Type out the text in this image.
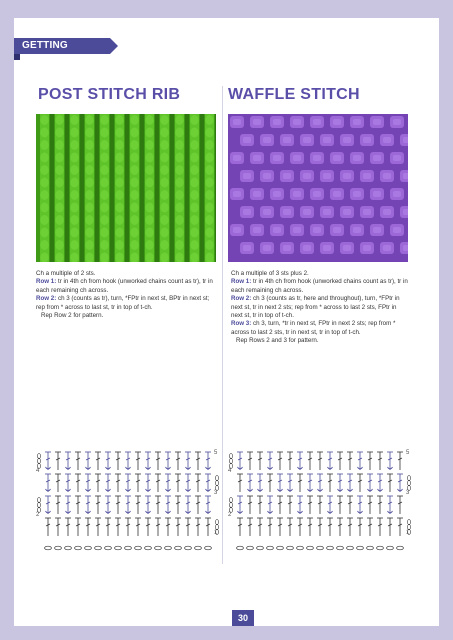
GETTING STARTED
POST STITCH RIB	WAFFLE STITCH

Ch a multiple of 2 sts.

Row 1: tr in 4th ch from hook (unworked chains count as tr), tr in each remaining ch across.

Row 2: ch 3 (counts as tr), turn, *FPtr in next st, BPtr in next st; rep from * across to last st, tr in top of t-ch.

Rep Row 2 for pattern.

Ch a multiple of 3 sts plus 2.

Row 1: tr in 4th ch from hook (unworked chains count as tr), tr in each remaining ch across.

Row 2: ch 3 (counts as tr, here and throughout), turn, *FPtr in next st, tr in next 2 sts; rep from * across to last 2 sts, FPtr in next st, tr in top of t-ch.

Row 3: ch 3, turn, *tr in next st, FPtr in next 2 sts; rep from * across to last 2 sts, tr in next st, tr in top of t-ch.

Rep Rows 2 and 3 for pattern.

4
2
5
3
1
4
2
5
3
1
30
